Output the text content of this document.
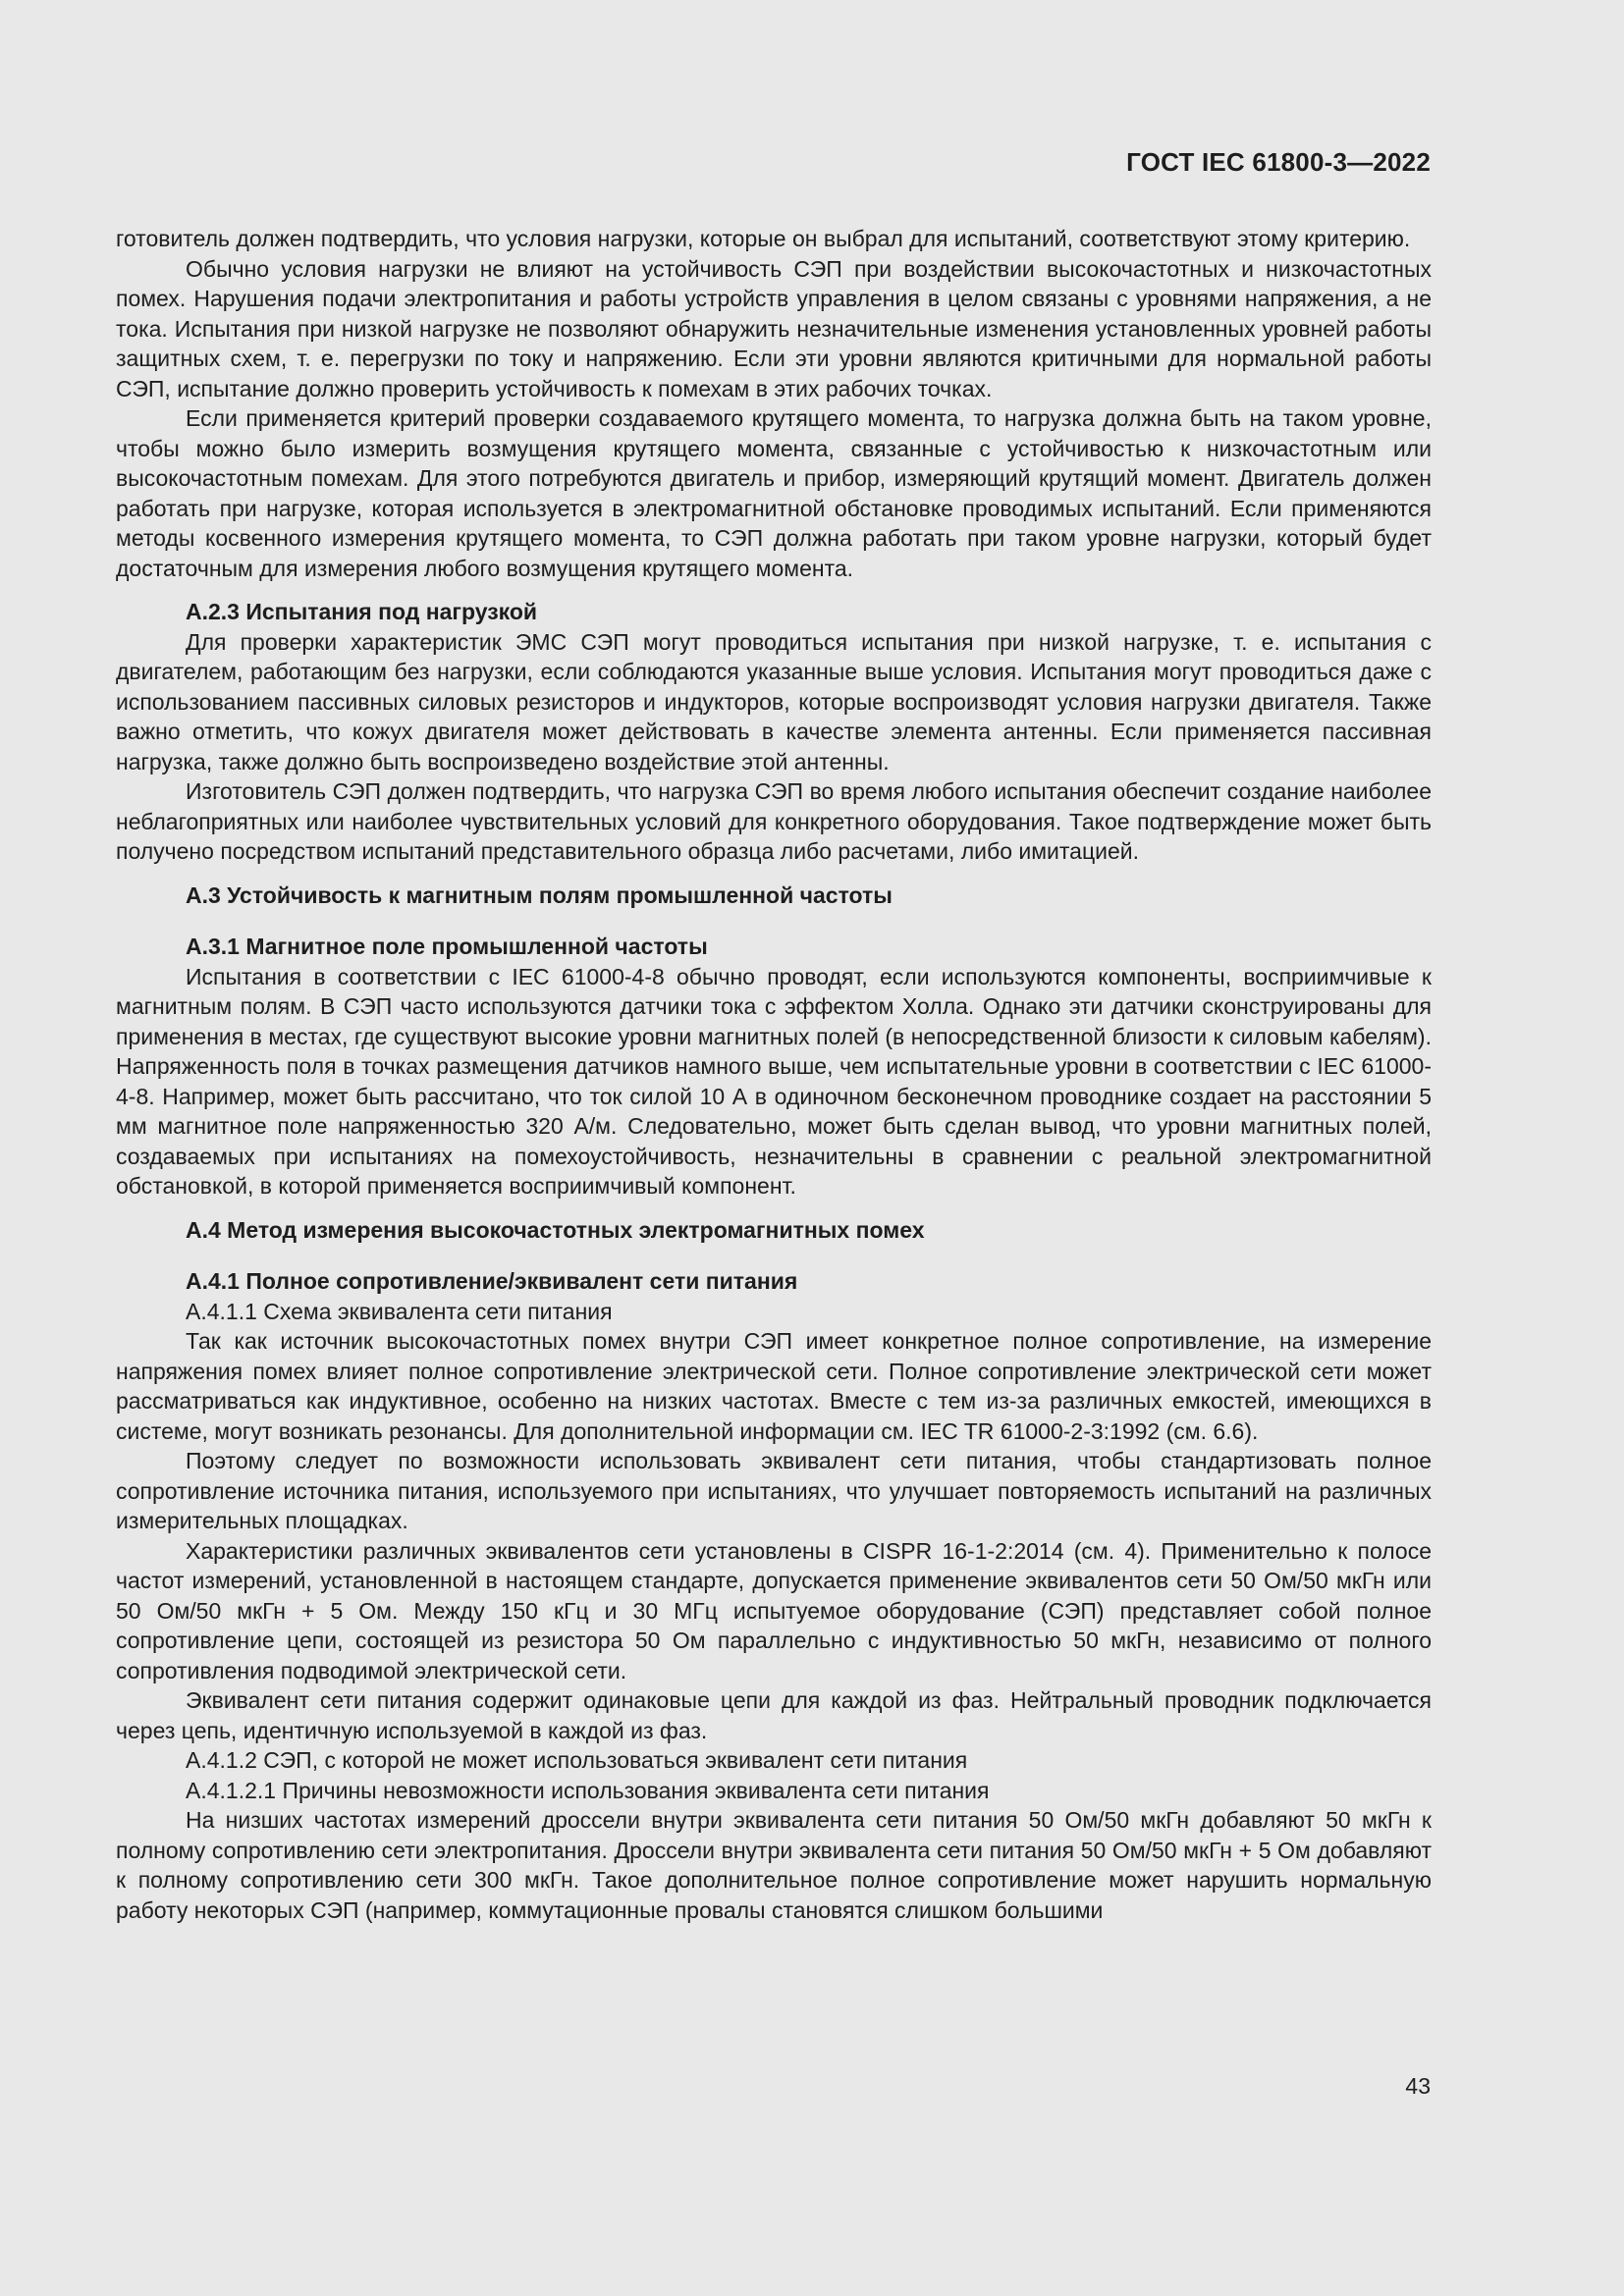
ГОСТ IEC 61800-3—2022

готовитель должен подтвердить, что условия нагрузки, которые он выбрал для испытаний, соответствуют этому критерию.

Обычно условия нагрузки не влияют на устойчивость СЭП при воздействии высокочастотных и низкочастотных помех. Нарушения подачи электропитания и работы устройств управления в целом связаны с уровнями напряжения, а не тока. Испытания при низкой нагрузке не позволяют обнаружить незначительные изменения установленных уровней работы защитных схем, т. е. перегрузки по току и напряжению. Если эти уровни являются критичными для нормальной работы СЭП, испытание должно проверить устойчивость к помехам в этих рабочих точках.

Если применяется критерий проверки создаваемого крутящего момента, то нагрузка должна быть на таком уровне, чтобы можно было измерить возмущения крутящего момента, связанные с устойчивостью к низкочастотным или высокочастотным помехам. Для этого потребуются двигатель и прибор, измеряющий крутящий момент. Двигатель должен работать при нагрузке, которая используется в электромагнитной обстановке проводимых испытаний. Если применяются методы косвенного измерения крутящего момента, то СЭП должна работать при таком уровне нагрузки, который будет достаточным для измерения любого возмущения крутящего момента.

A.2.3 Испытания под нагрузкой

Для проверки характеристик ЭМС СЭП могут проводиться испытания при низкой нагрузке, т. е. испытания с двигателем, работающим без нагрузки, если соблюдаются указанные выше условия. Испытания могут проводиться даже с использованием пассивных силовых резисторов и индукторов, которые воспроизводят условия нагрузки двигателя. Также важно отметить, что кожух двигателя может действовать в качестве элемента антенны. Если применяется пассивная нагрузка, также должно быть воспроизведено воздействие этой антенны.

Изготовитель СЭП должен подтвердить, что нагрузка СЭП во время любого испытания обеспечит создание наиболее неблагоприятных или наиболее чувствительных условий для конкретного оборудования. Такое подтверждение может быть получено посредством испытаний представительного образца либо расчетами, либо имитацией.

A.3 Устойчивость к магнитным полям промышленной частоты

A.3.1 Магнитное поле промышленной частоты

Испытания в соответствии с IEC 61000-4-8 обычно проводят, если используются компоненты, восприимчивые к магнитным полям. В СЭП часто используются датчики тока с эффектом Холла. Однако эти датчики сконструированы для применения в местах, где существуют высокие уровни магнитных полей (в непосредственной близости к силовым кабелям). Напряженность поля в точках размещения датчиков намного выше, чем испытательные уровни в соответствии с IEC 61000-4-8. Например, может быть рассчитано, что ток силой 10 А в одиночном бесконечном проводнике создает на расстоянии 5 мм магнитное поле напряженностью 320 А/м. Следовательно, может быть сделан вывод, что уровни магнитных полей, создаваемых при испытаниях на помехоустойчивость, незначительны в сравнении с реальной электромагнитной обстановкой, в которой применяется восприимчивый компонент.

A.4 Метод измерения высокочастотных электромагнитных помех

A.4.1 Полное сопротивление/эквивалент сети питания

A.4.1.1 Схема эквивалента сети питания

Так как источник высокочастотных помех внутри СЭП имеет конкретное полное сопротивление, на измерение напряжения помех влияет полное сопротивление электрической сети. Полное сопротивление электрической сети может рассматриваться как индуктивное, особенно на низких частотах. Вместе с тем из-за различных емкостей, имеющихся в системе, могут возникать резонансы. Для дополнительной информации см. IEC TR 61000-2-3:1992 (см. 6.6).

Поэтому следует по возможности использовать эквивалент сети питания, чтобы стандартизовать полное сопротивление источника питания, используемого при испытаниях, что улучшает повторяемость испытаний на различных измерительных площадках.

Характеристики различных эквивалентов сети установлены в CISPR 16-1-2:2014 (см. 4). Применительно к полосе частот измерений, установленной в настоящем стандарте, допускается применение эквивалентов сети 50 Ом/50 мкГн или 50 Ом/50 мкГн + 5 Ом. Между 150 кГц и 30 МГц испытуемое оборудование (СЭП) представляет собой полное сопротивление цепи, состоящей из резистора 50 Ом параллельно с индуктивностью 50 мкГн, независимо от полного сопротивления подводимой электрической сети.

Эквивалент сети питания содержит одинаковые цепи для каждой из фаз. Нейтральный проводник подключается через цепь, идентичную используемой в каждой из фаз.

A.4.1.2 СЭП, с которой не может использоваться эквивалент сети питания

A.4.1.2.1 Причины невозможности использования эквивалента сети питания

На низших частотах измерений дроссели внутри эквивалента сети питания 50 Ом/50 мкГн добавляют 50 мкГн к полному сопротивлению сети электропитания. Дроссели внутри эквивалента сети питания 50 Ом/50 мкГн + 5 Ом добавляют к полному сопротивлению сети 300 мкГн. Такое дополнительное полное сопротивление может нарушить нормальную работу некоторых СЭП (например, коммутационные провалы становятся слишком большими

43
